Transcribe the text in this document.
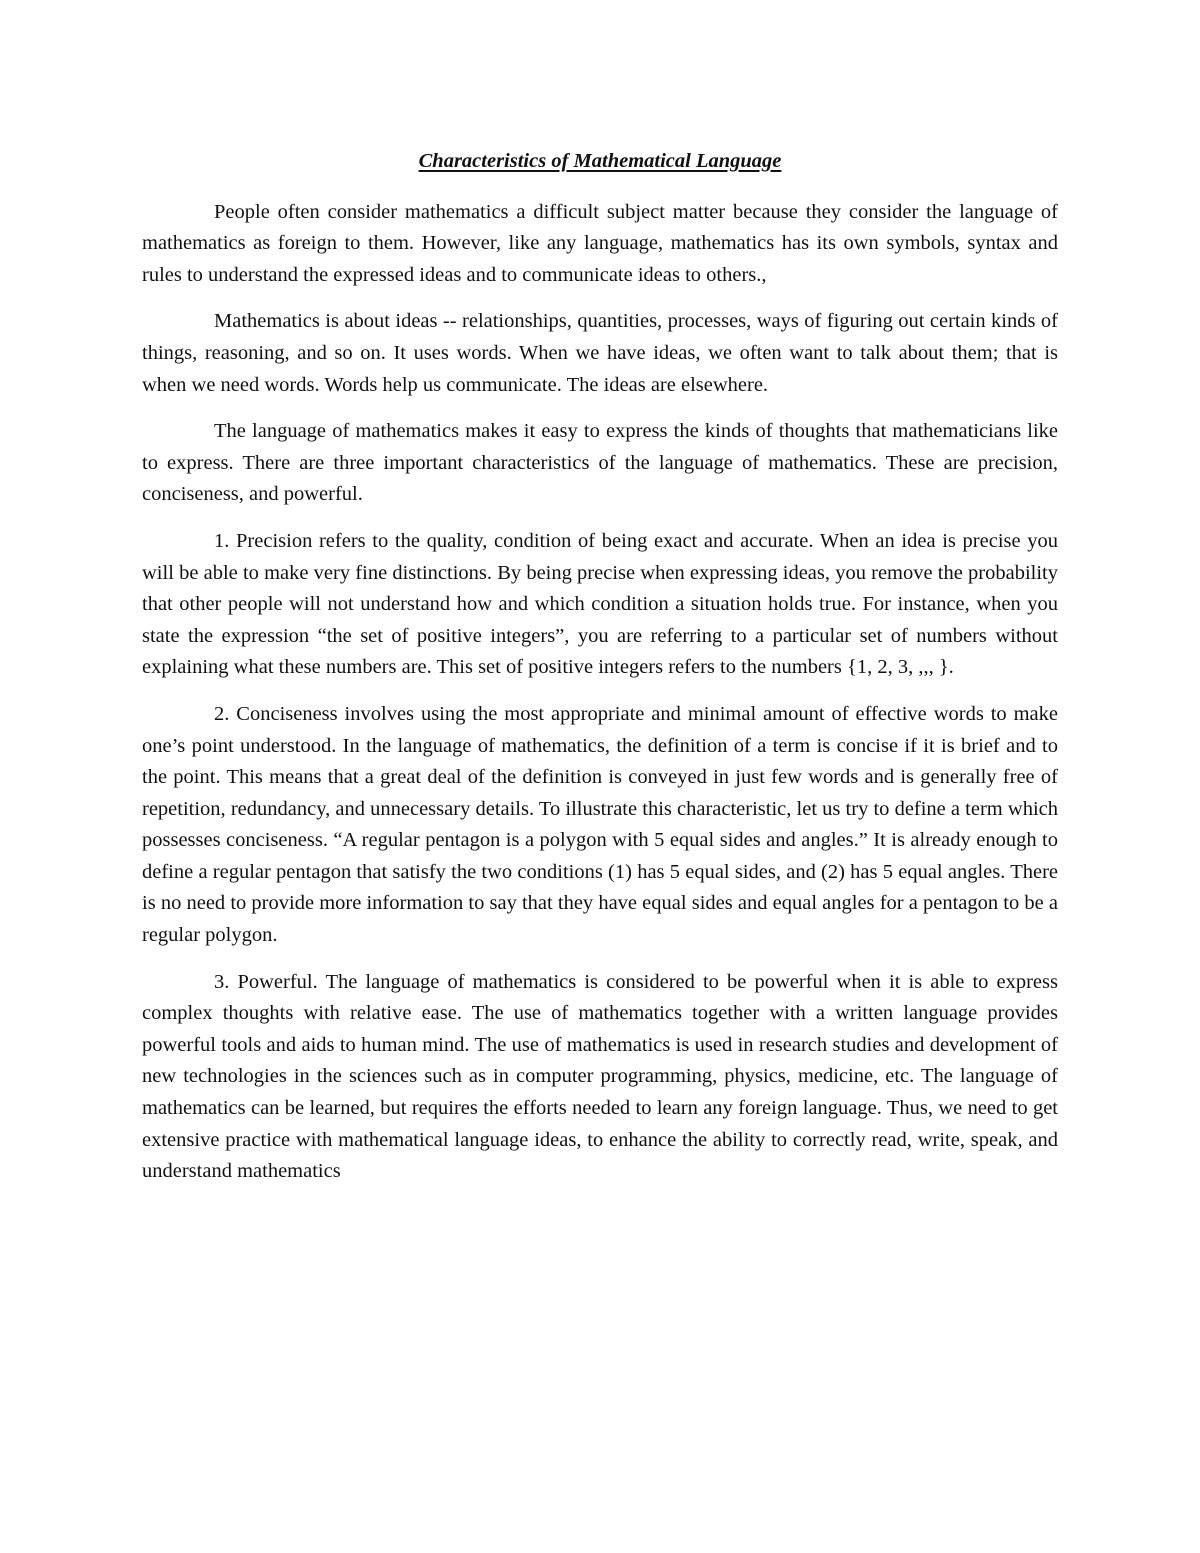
Characteristics of Mathematical Language

People often consider mathematics a difficult subject matter because they consider the language of mathematics as foreign to them. However, like any language, mathematics has its own symbols, syntax and rules to understand the expressed ideas and to communicate ideas to others.,

Mathematics is about ideas -- relationships, quantities, processes, ways of figuring out certain kinds of things, reasoning, and so on. It uses words. When we have ideas, we often want to talk about them; that is when we need words. Words help us communicate. The ideas are elsewhere.

The language of mathematics makes it easy to express the kinds of thoughts that mathematicians like to express. There are three important characteristics of the language of mathematics. These are precision, conciseness, and powerful.

1. Precision refers to the quality, condition of being exact and accurate. When an idea is precise you will be able to make very fine distinctions. By being precise when expressing ideas, you remove the probability that other people will not understand how and which condition a situation holds true. For instance, when you state the expression “the set of positive integers”, you are referring to a particular set of numbers without explaining what these numbers are. This set of positive integers refers to the numbers {1, 2, 3, ,,, }.

2. Conciseness involves using the most appropriate and minimal amount of effective words to make one’s point understood. In the language of mathematics, the definition of a term is concise if it is brief and to the point. This means that a great deal of the definition is conveyed in just few words and is generally free of repetition, redundancy, and unnecessary details. To illustrate this characteristic, let us try to define a term which possesses conciseness. “A regular pentagon is a polygon with 5 equal sides and angles.” It is already enough to define a regular pentagon that satisfy the two conditions (1) has 5 equal sides, and (2) has 5 equal angles. There is no need to provide more information to say that they have equal sides and equal angles for a pentagon to be a regular polygon.

3. Powerful. The language of mathematics is considered to be powerful when it is able to express complex thoughts with relative ease. The use of mathematics together with a written language provides powerful tools and aids to human mind. The use of mathematics is used in research studies and development of new technologies in the sciences such as in computer programming, physics, medicine, etc. The language of mathematics can be learned, but requires the efforts needed to learn any foreign language. Thus, we need to get extensive practice with mathematical language ideas, to enhance the ability to correctly read, write, speak, and understand mathematics
